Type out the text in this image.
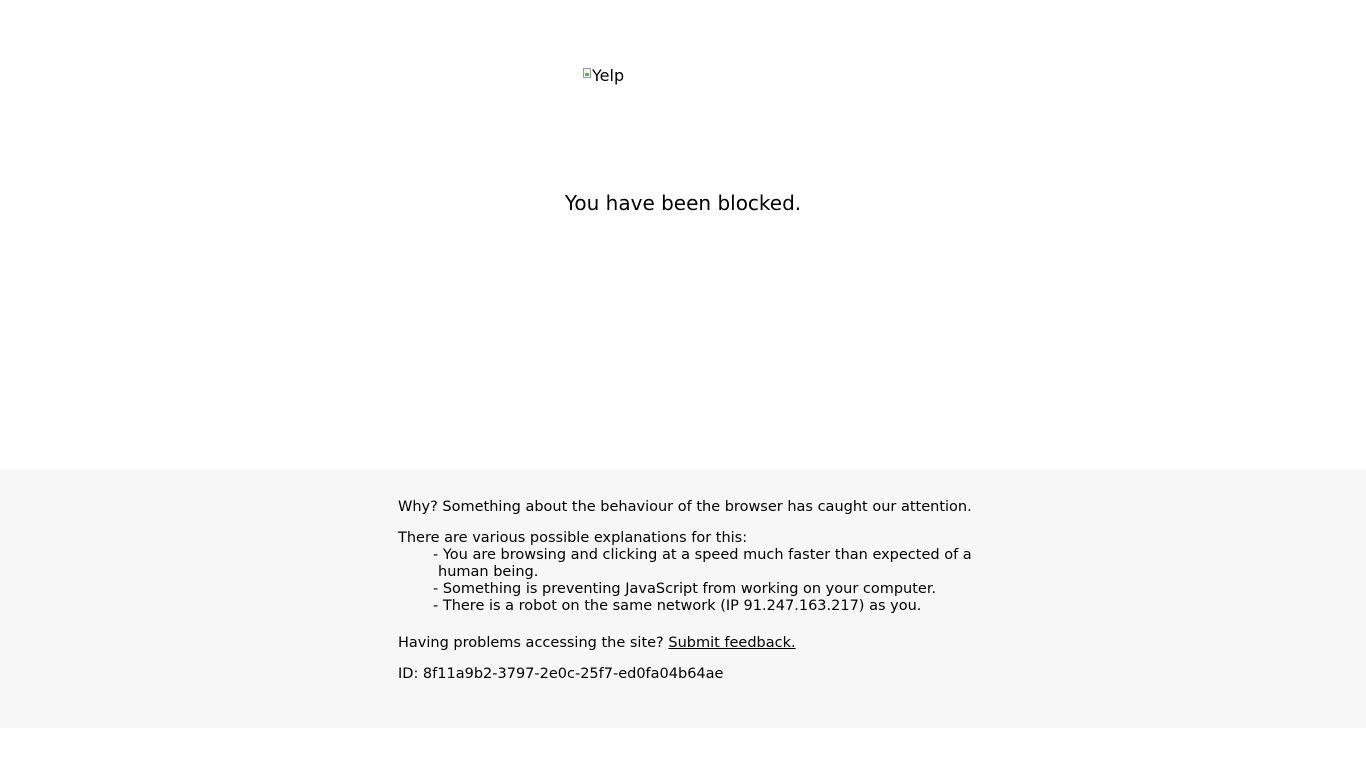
Yelp
You have been blocked.

Why? Something about the behaviour of the browser has caught our attention.

There are various possible explanations for this:

- You are browsing and clicking at a speed much faster than expected of a
human being.
- Something is preventing JavaScript from working on your computer.
- There is a robot on the same network (IP 91.247.163.217) as you.

Having problems accessing the site? Submit feedback.

ID: 8f11a9b2-3797-2e0c-25f7-ed0fa04b64ae
